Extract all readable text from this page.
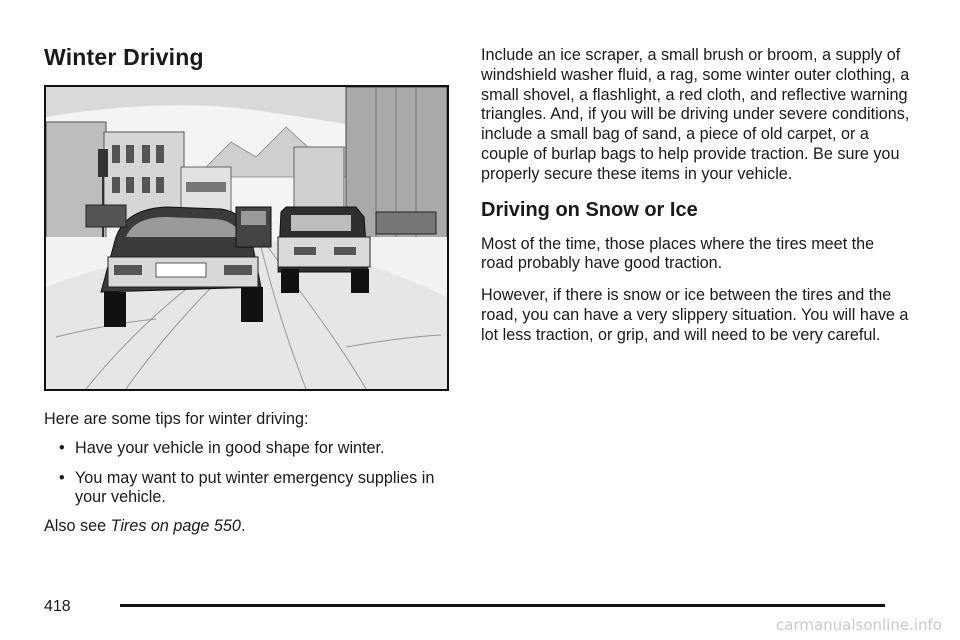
Winter Driving

Here are some tips for winter driving:

• Have your vehicle in good shape for winter.
• You may want to put winter emergency supplies in your vehicle.

Also see Tires on page 550.

Include an ice scraper, a small brush or broom, a supply of windshield washer fluid, a rag, some winter outer clothing, a small shovel, a flashlight, a red cloth, and reflective warning triangles. And, if you will be driving under severe conditions, include a small bag of sand, a piece of old carpet, or a couple of burlap bags to help provide traction. Be sure you properly secure these items in your vehicle.

Driving on Snow or Ice

Most of the time, those places where the tires meet the road probably have good traction.

However, if there is snow or ice between the tires and the road, you can have a very slippery situation. You will have a lot less traction, or grip, and will need to be very careful.

418
carmanualsonline.info
